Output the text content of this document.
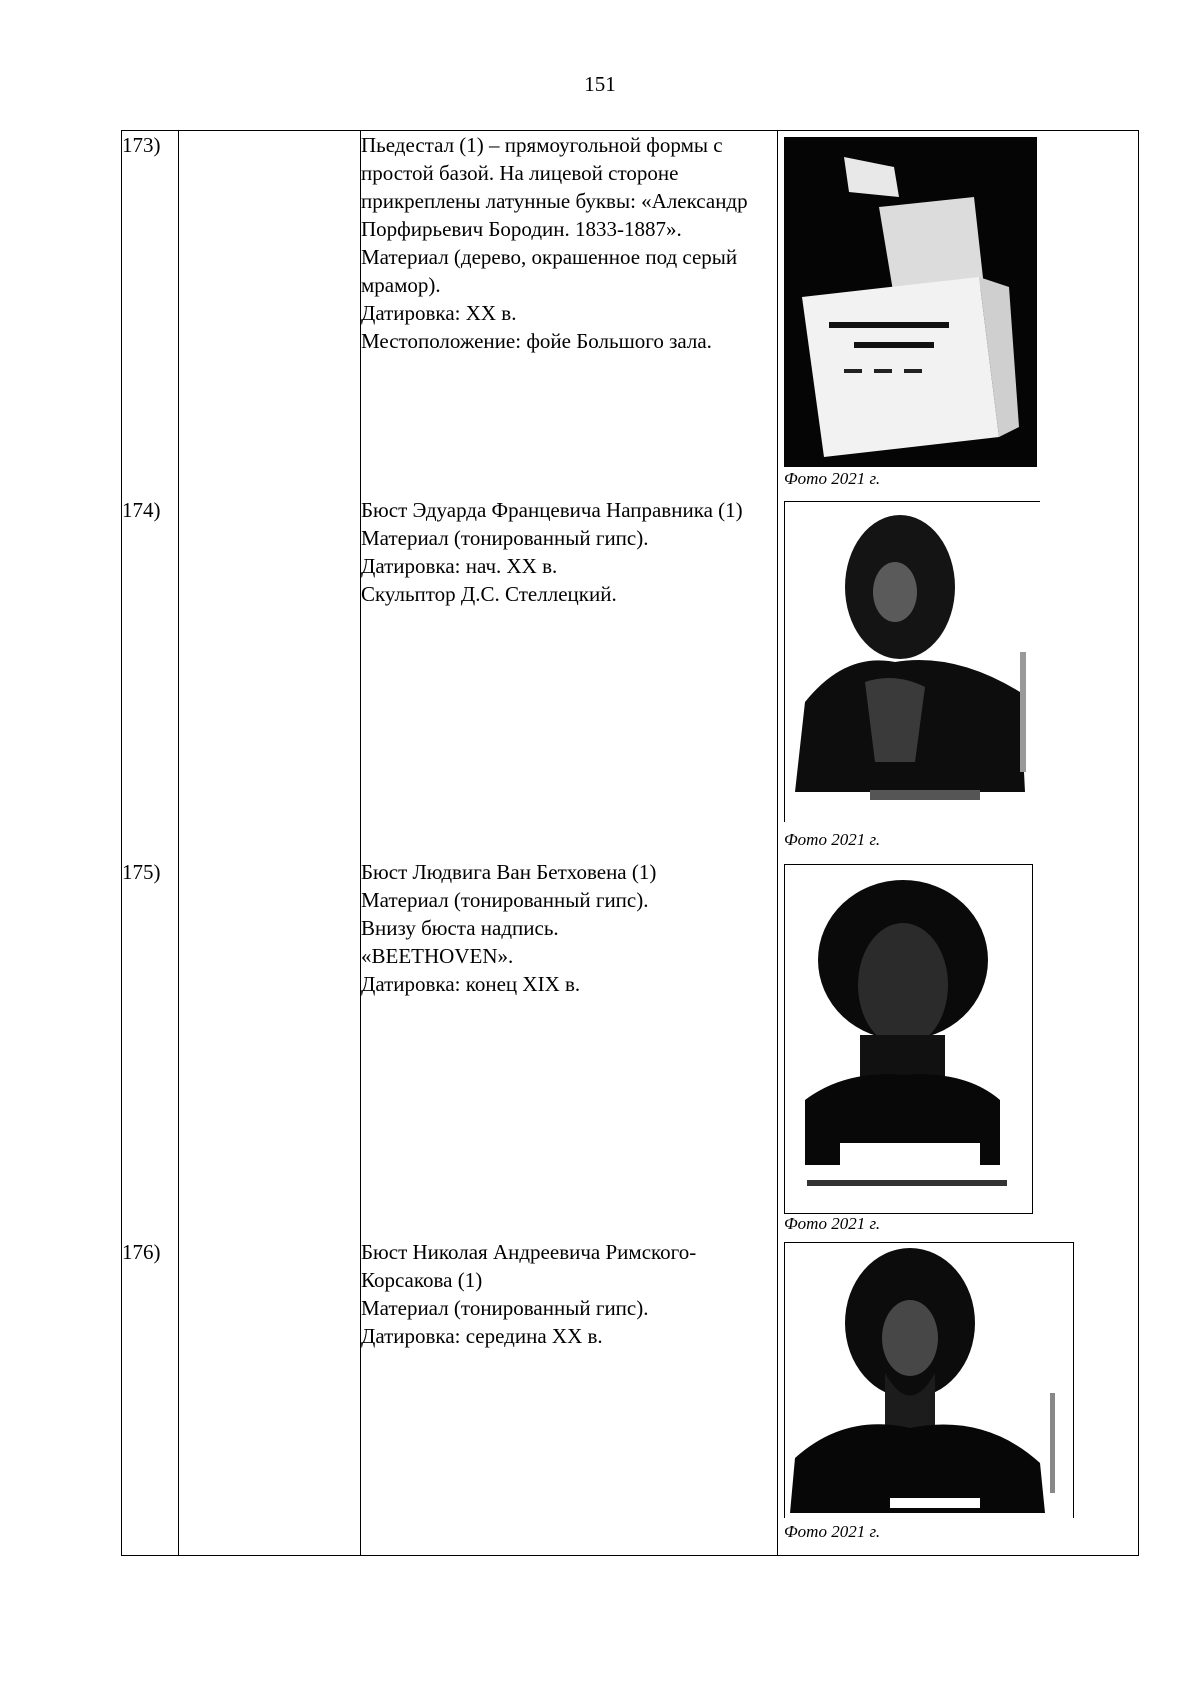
151
173)		Пьедестал (1) – прямоугольной формы с простой базой. На лицевой стороне прикреплены латунные буквы: «Александр Порфирьевич Бородин. 1833-1887».
Материал (дерево, окрашенное под серый мрамор).
Датировка: XX в.
Местоположение: фойе Большого зала.	Фото 2021 г.

174)		Бюст Эдуарда Францевича Направника (1)
Материал (тонированный гипс).
Датировка: нач. XX в.
Скульптор Д.С. Стеллецкий.	Фото 2021 г.

175)		Бюст Людвига Ван Бетховена (1)
Материал (тонированный гипс).
Внизу бюста надпись.
«BEETHOVEN».
Датировка: конец XIX в.	Фото 2021 г.

176)		Бюст Николая Андреевича Римского-Корсакова (1)
Материал (тонированный гипс).
Датировка: середина XX в.	Фото 2021 г.
